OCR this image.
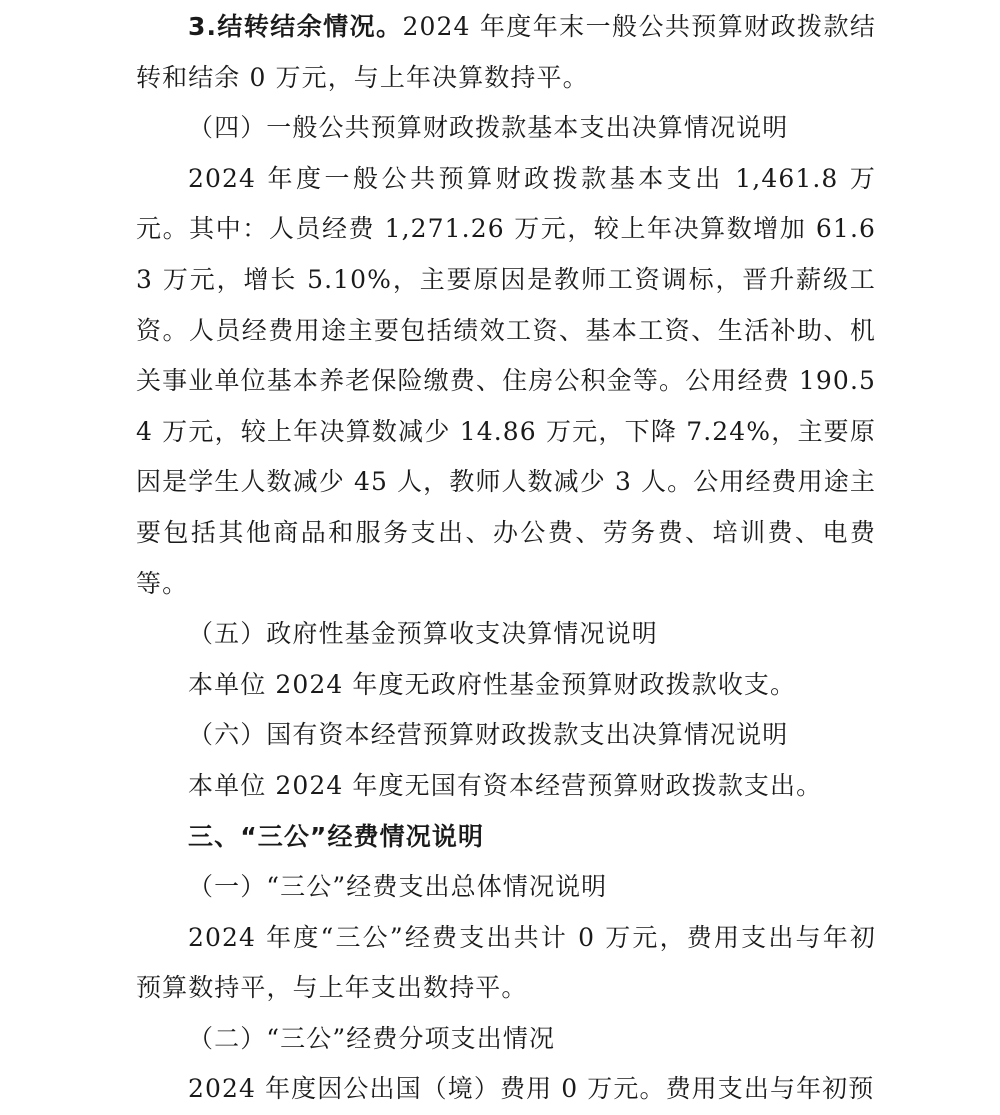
3.结转结余情况。2024 年度年末一般公共预算财政拨款结转和结余 0 万元，与上年决算数持平。

（四）一般公共预算财政拨款基本支出决算情况说明

2024 年度一般公共预算财政拨款基本支出 1,461.8 万元。其中：人员经费 1,271.26 万元，较上年决算数增加 61.63 万元，增长 5.10%，主要原因是教师工资调标，晋升薪级工资。人员经费用途主要包括绩效工资、基本工资、生活补助、机关事业单位基本养老保险缴费、住房公积金等。公用经费 190.54 万元，较上年决算数减少 14.86 万元，下降 7.24%，主要原因是学生人数减少 45 人，教师人数减少 3 人。公用经费用途主要包括其他商品和服务支出、办公费、劳务费、培训费、电费等。

（五）政府性基金预算收支决算情况说明

本单位 2024 年度无政府性基金预算财政拨款收支。

（六）国有资本经营预算财政拨款支出决算情况说明

本单位 2024 年度无国有资本经营预算财政拨款支出。

三、“三公”经费情况说明

（一）“三公”经费支出总体情况说明

2024 年度“三公”经费支出共计 0 万元，费用支出与年初预算数持平，与上年支出数持平。

（二）“三公”经费分项支出情况

2024 年度因公出国（境）费用 0 万元。费用支出与年初预
